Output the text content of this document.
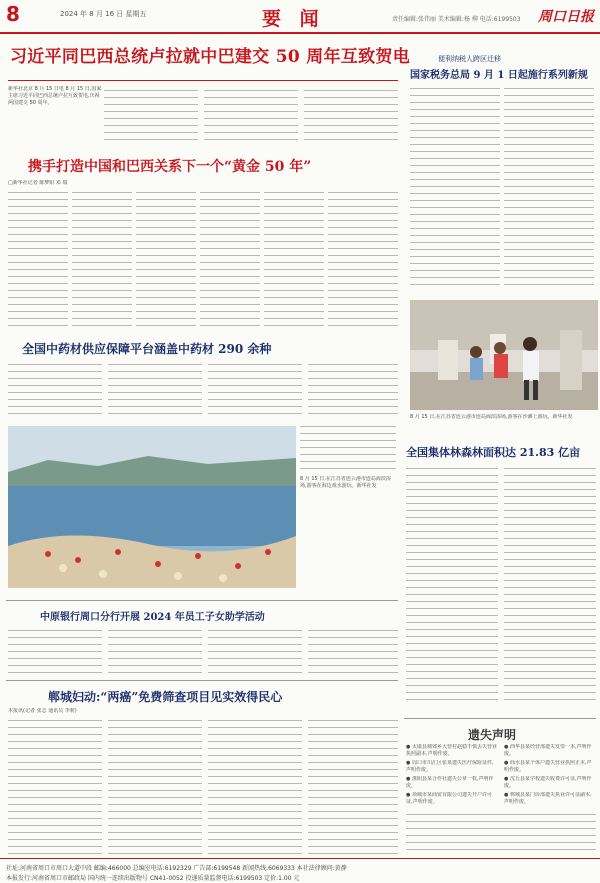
8	2024 年 8 月 16 日 星期五	要 闻	责任编辑:张伟丽 美术编辑:杨 柳 电话:6199503 周口日报
习近平同巴西总统卢拉就中巴建交 50 周年互致贺电
新华社北京 8 月 15 日电 8 月 15 日,国家主席习近平同巴西总统卢拉互致贺电,庆祝两国建交 50 周年。
便利纳税人跨区迁移
国家税务总局 9 月 1 日起施行系列新规
携手打造中国和巴西关系下一个“黄金 50 年”
□新华社记者 陈梦阳 邓 瑞
8 月 15 日,在江苏省连云港市连岛海滨浴场,游客在沙滩上游玩。新华社发
全国中药材供应保障平台涵盖中药材 290 余种
8 月 15 日,在江苏省连云港市连岛海滨浴场,游客在海边戏水游玩。新华社发
全国集体林森林面积达 21.83 亿亩
中原银行周口分行开展 2024 年员工子女助学活动
郸城妇动:“两癌”免费筛查项目见实效得民心
本报讯(记者 张志 通讯员 李莉)
遗失声明
● 太康县城郊乡大营村赵稳不慎丢失营业执照副本,声明作废。
● 周口市川汇区张某遗失医疗保险证件,声明作废。
● 淮阳县某合作社遗失公章一枚,声明作废。
● 项城市某商贸有限公司遗失开户许可证,声明作废。
● 西华县某经营部遗失发票一本,声明作废。
● 商水县某个体户遗失营业执照正本,声明作废。
● 沈丘县某学校遗失收费许可证,声明作废。
● 郸城县某门诊部遗失执业许可证副本,声明作废。
社址:河南省周口市周口大道中段 邮编:466000 总编室电话:6192329 广告部:6199548 新闻热线:6069333 本社法律顾问:黄静
本报发行:河南省周口市邮政局 国内统一连续出版物号 CN41-0052 投递质量监督电话:6199503 定价:1.00 元
